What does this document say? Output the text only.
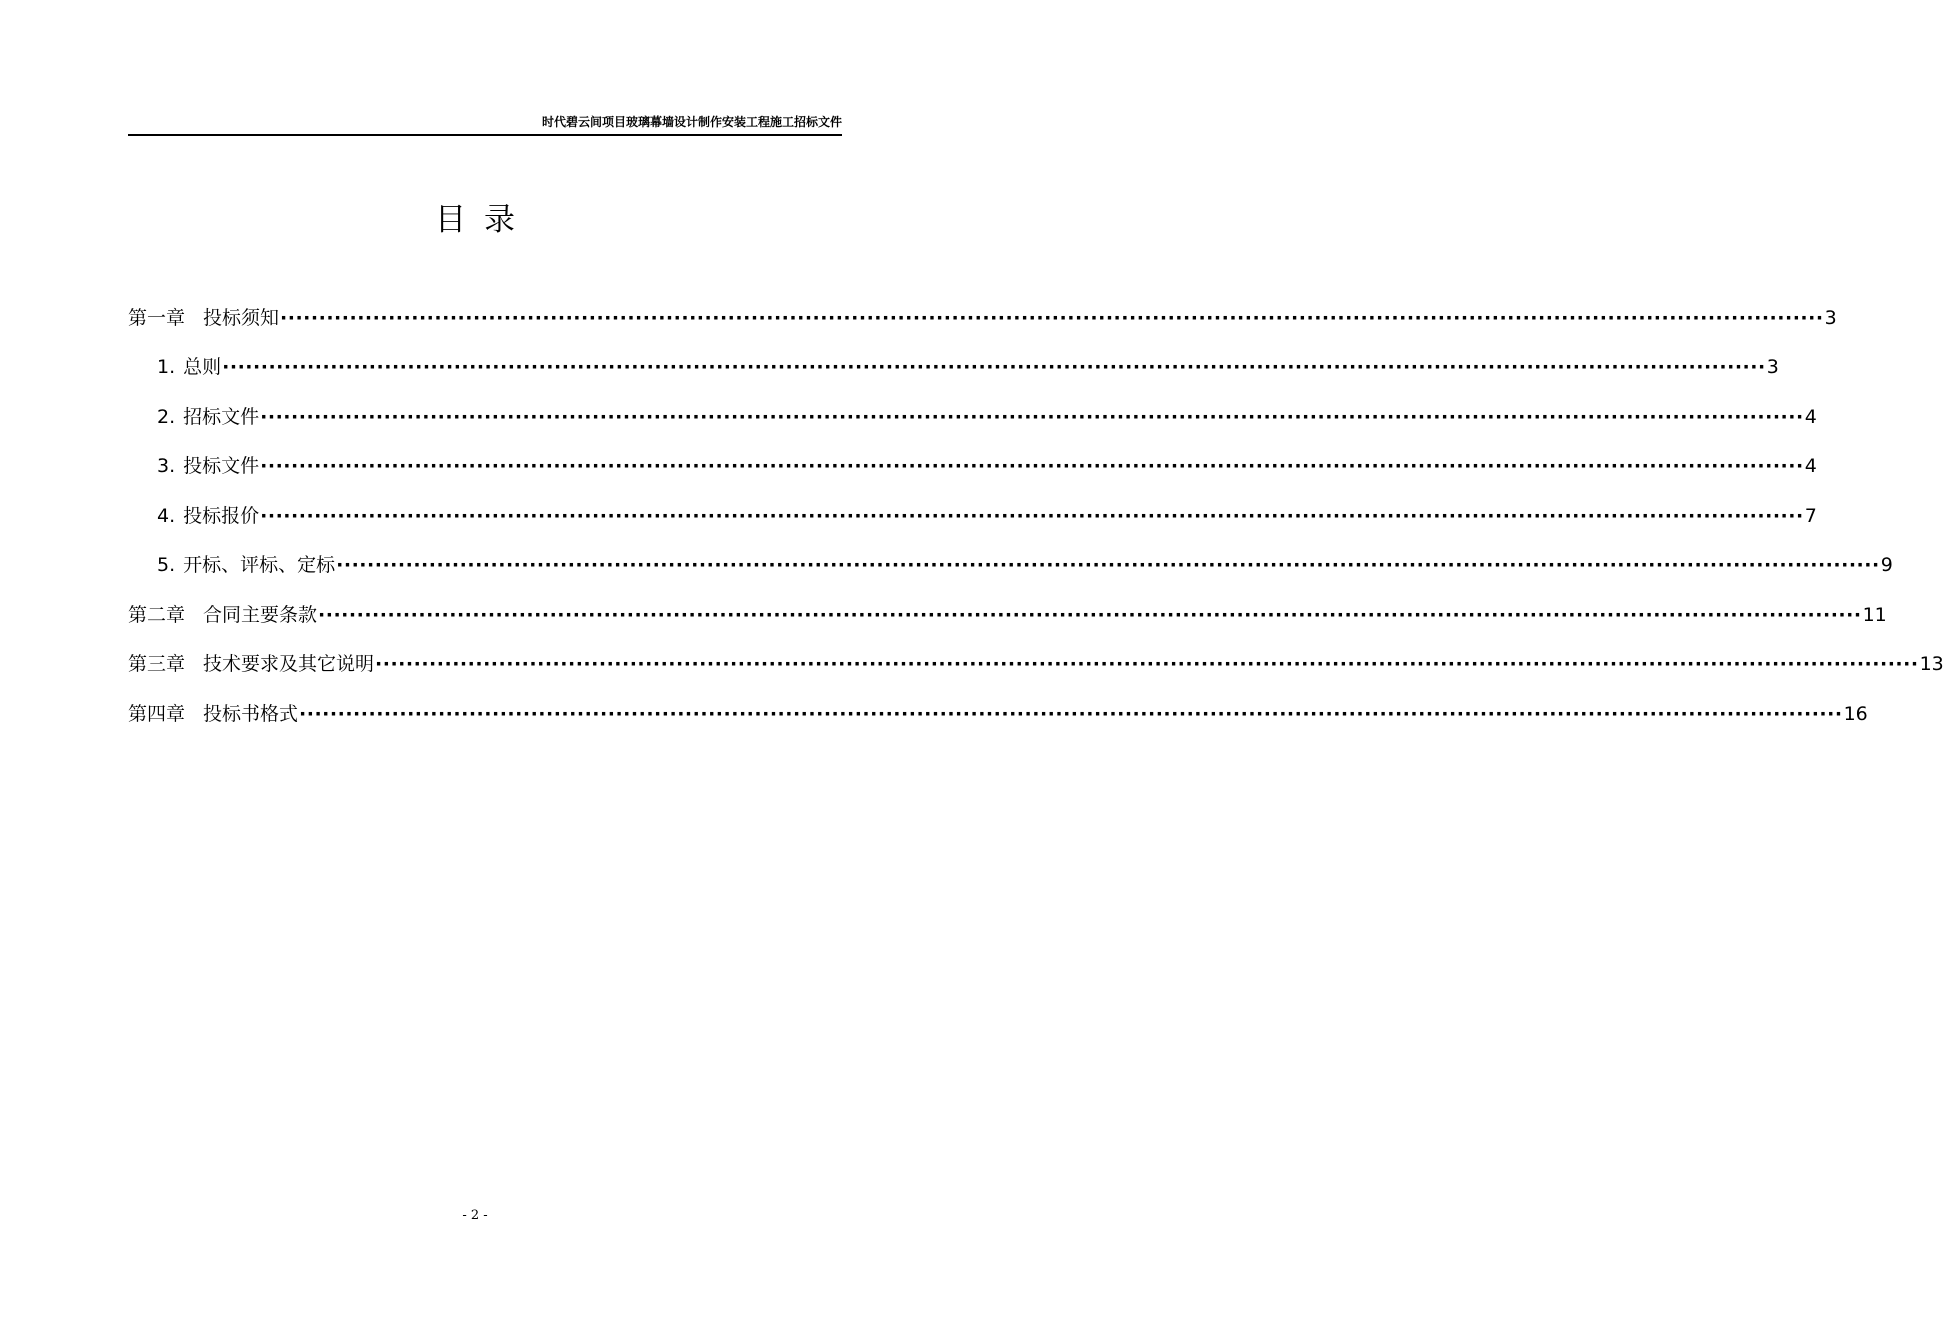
时代碧云间项目玻璃幕墙设计制作安装工程施工招标文件
目录
第一章 投标须知 ········································································································································································································ 3
1. 总则 ········································································································································································································ 3
2. 招标文件 ········································································································································································································ 4
3. 投标文件 ········································································································································································································ 4
4. 投标报价 ········································································································································································································ 7
5. 开标、评标、定标 ········································································································································································································ 9
第二章 合同主要条款 ········································································································································································································ 11
第三章 技术要求及其它说明 ········································································································································································································ 13
第四章 投标书格式 ········································································································································································································ 16
- 2 -
